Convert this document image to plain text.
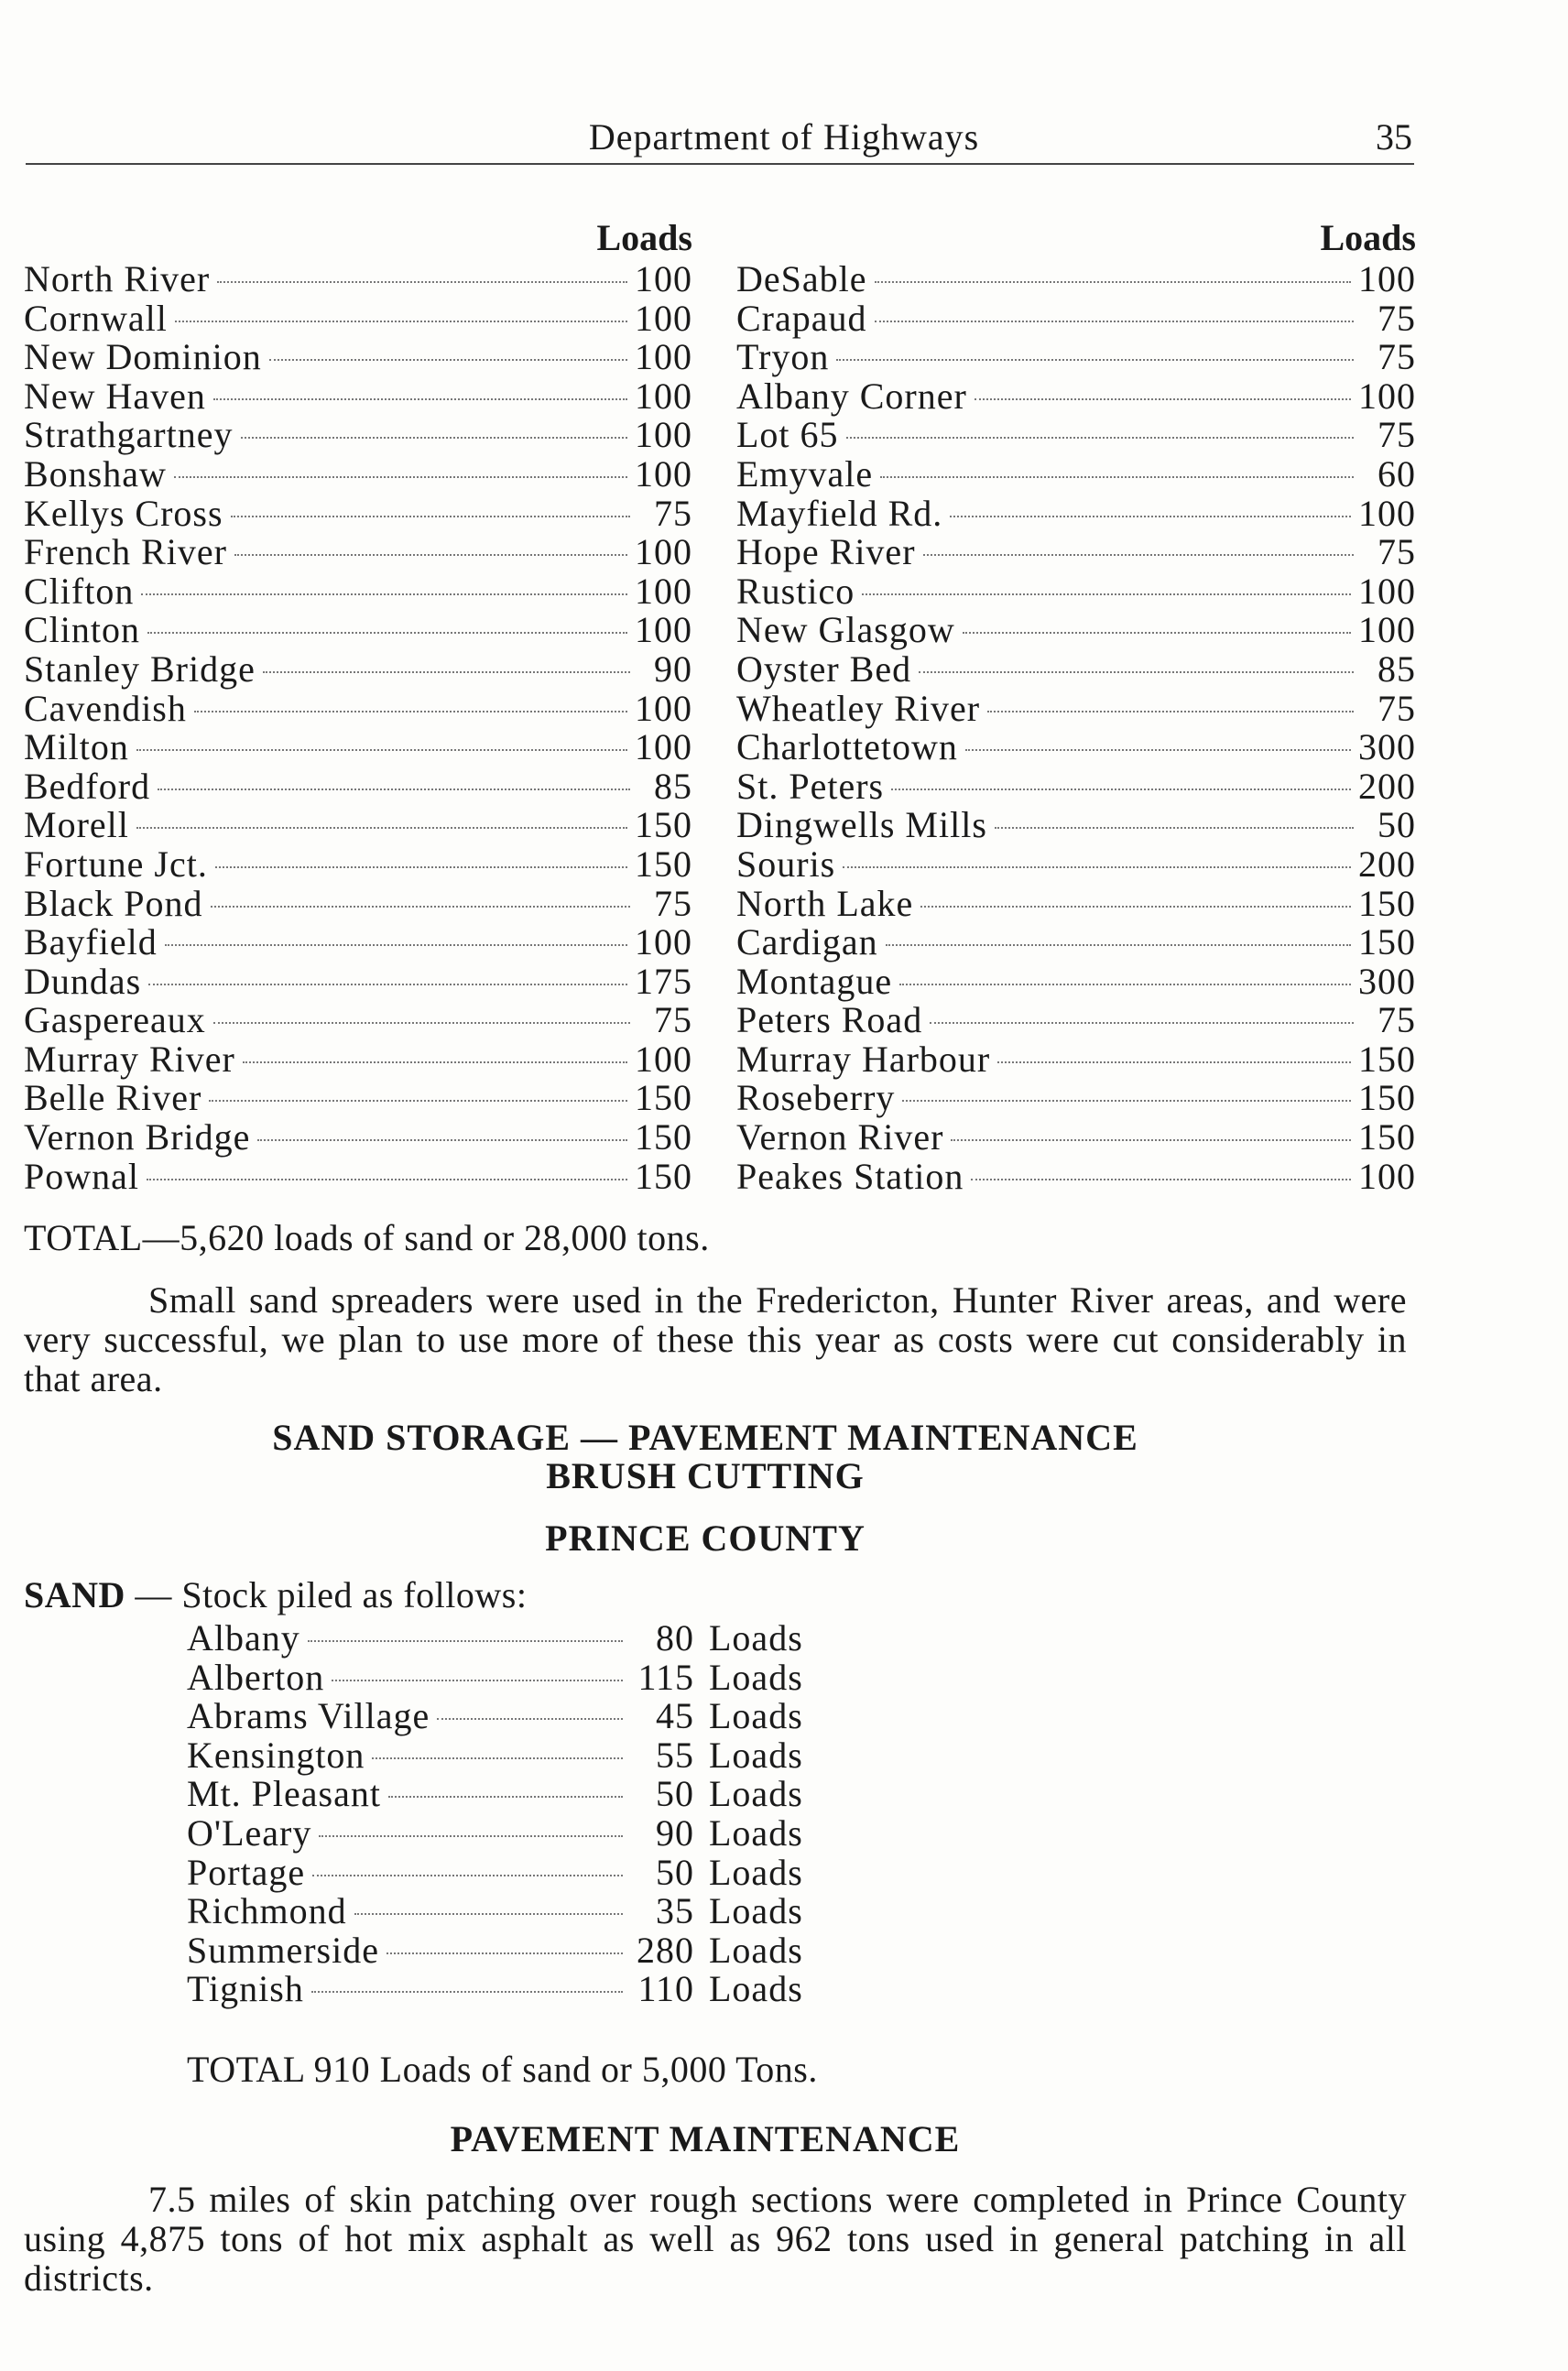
Department of Highways	35
Loads
North River	100
Cornwall	100
New Dominion	100
New Haven	100
Strathgartney	100
Bonshaw	100
Kellys Cross	75
French River	100
Clifton	100
Clinton	100
Stanley Bridge	90
Cavendish	100
Milton	100
Bedford	85
Morell	150
Fortune Jct.	150
Black Pond	75
Bayfield	100
Dundas	175
Gaspereaux	75
Murray River	100
Belle River	150
Vernon Bridge	150
Pownal	150
Loads
DeSable	100
Crapaud	75
Tryon	75
Albany Corner	100
Lot 65	75
Emyvale	60
Mayfield Rd.	100
Hope River	75
Rustico	100
New Glasgow	100
Oyster Bed	85
Wheatley River	75
Charlottetown	300
St. Peters	200
Dingwells Mills	50
Souris	200
North Lake	150
Cardigan	150
Montague	300
Peters Road	75
Murray Harbour	150
Roseberry	150
Vernon River	150
Peakes Station	100
TOTAL—5,620 loads of sand or 28,000 tons.
Small sand spreaders were used in the Fredericton, Hunter River areas, and were very successful, we plan to use more of these this year as costs were cut considerably in that area.
SAND STORAGE — PAVEMENT MAINTENANCE
BRUSH CUTTING
PRINCE COUNTY
SAND — Stock piled as follows:
Albany	80 Loads
Alberton	115 Loads
Abrams Village	45 Loads
Kensington	55 Loads
Mt. Pleasant	50 Loads
O'Leary	90 Loads
Portage	50 Loads
Richmond	35 Loads
Summerside	280 Loads
Tignish	110 Loads
TOTAL 910 Loads of sand or 5,000 Tons.
PAVEMENT MAINTENANCE
7.5 miles of skin patching over rough sections were completed in Prince County using 4,875 tons of hot mix asphalt as well as 962 tons used in general patching in all districts.
